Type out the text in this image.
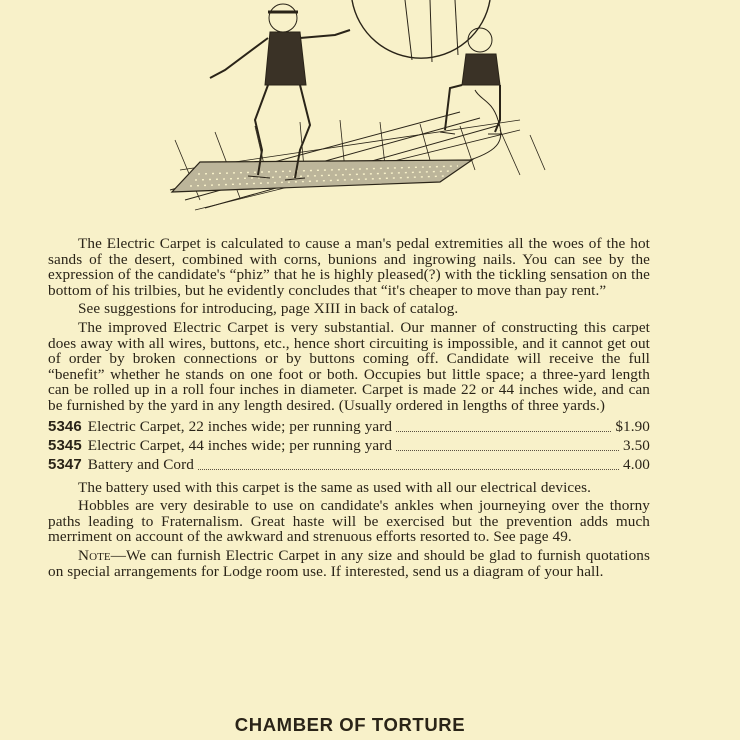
The Electric Carpet is calculated to cause a man's pedal extremities all the woes of the hot sands of the desert, combined with corns, bunions and ingrowing nails. You can see by the expression of the candidate's “phiz” that he is highly pleased(?) with the tickling sensation on the bottom of his trilbies, but he evidently concludes that “it's cheaper to move than pay rent.”

See suggestions for introducing, page XIII in back of catalog.

The improved Electric Carpet is very substantial. Our manner of constructing this carpet does away with all wires, buttons, etc., hence short circuiting is impossible, and it cannot get out of order by broken connections or by buttons coming off. Candidate will receive the full “benefit” whether he stands on one foot or both. Occupies but little space; a three-yard length can be rolled up in a roll four inches in diameter. Carpet is made 22 or 44 inches wide, and can be furnished by the yard in any length desired. (Usually ordered in lengths of three yards.)

5346 Electric Carpet, 22 inches wide; per running yard	$1.90
5345 Electric Carpet, 44 inches wide; per running yard	3.50
5347 Battery and Cord	4.00

The battery used with this carpet is the same as used with all our electrical devices.

Hobbles are very desirable to use on candidate's ankles when journeying over the thorny paths leading to Fraternalism. Great haste will be exercised but the prevention adds much merriment on account of the awkward and strenuous efforts resorted to. See page 49.

Note—We can furnish Electric Carpet in any size and should be glad to furnish quotations on special arrangements for Lodge room use. If interested, send us a diagram of your hall.

CHAMBER OF TORTURE
